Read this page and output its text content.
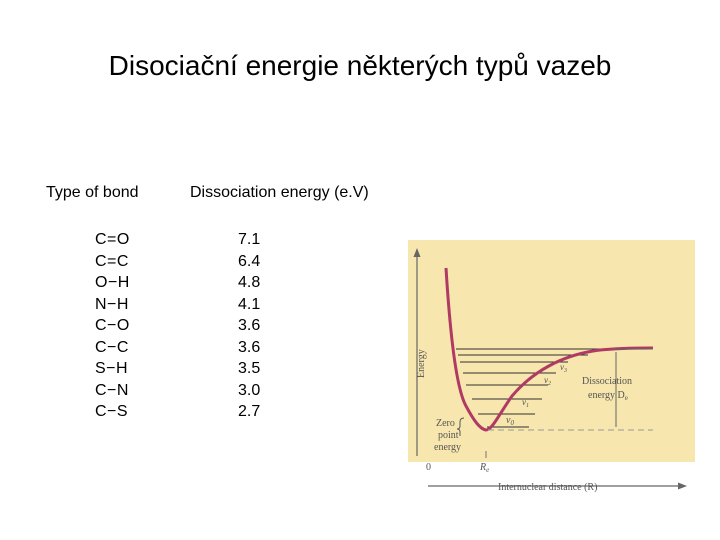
Disociační energie některých typů vazeb
Type of bond	Dissociation energy (e.V)
C=O
C=C
O−H
N−H
C−O
C−C
S−H
C−N
C−S
7.1
6.4
4.8
4.1
3.6
3.6
3.5
3.0
2.7
Energy
$v_0$
$v_1$
$v_2$
$v_3$
Dissociation
energy $D_e$
Zero
point
energy
$R_e$
0
Internuclear distance (R)
